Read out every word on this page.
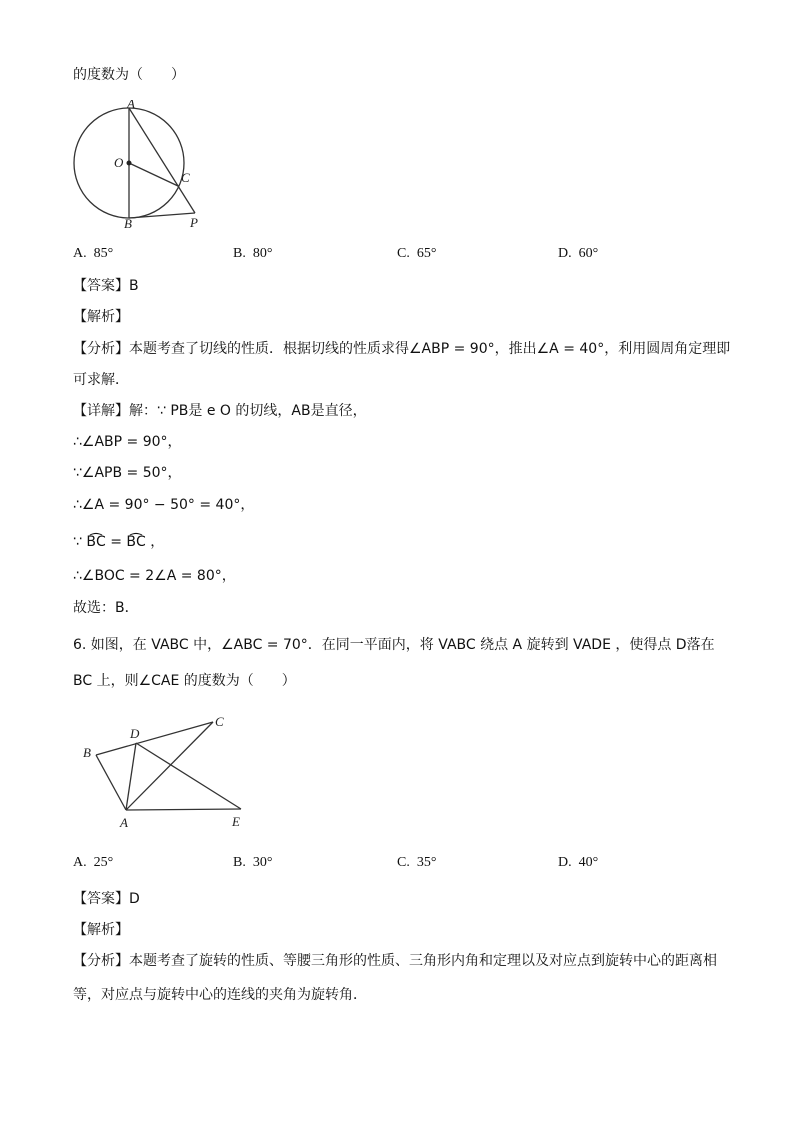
的度数为（　　）
A
O
C
B	P
A. 85°	B. 80°	C. 65°	D. 60°
【答案】B
【解析】
【分析】本题考查了切线的性质．根据切线的性质求得∠ABP = 90°，推出∠A = 40°，利用圆周角定理即
可求解．
【详解】解：∵ PB是 e O 的切线，AB是直径，
∴∠ABP = 90°，
∵∠APB = 50°，
∴∠A = 90° − 50° = 40°，
∵ B͡C = B͡C ，
∴∠BOC = 2∠A = 80°，
故选：B．
6. 如图，在 VABC 中，∠ABC = 70°．在同一平面内，将 VABC 绕点 A 旋转到 VADE ，使得点 D落在
BC 上，则∠CAE 的度数为（　　）
B
D
C
A	E
A. 25°	B. 30°	C. 35°	D. 40°
【答案】D
【解析】
【分析】本题考查了旋转的性质、等腰三角形的性质、三角形内角和定理以及对应点到旋转中心的距离相
等，对应点与旋转中心的连线的夹角为旋转角．
